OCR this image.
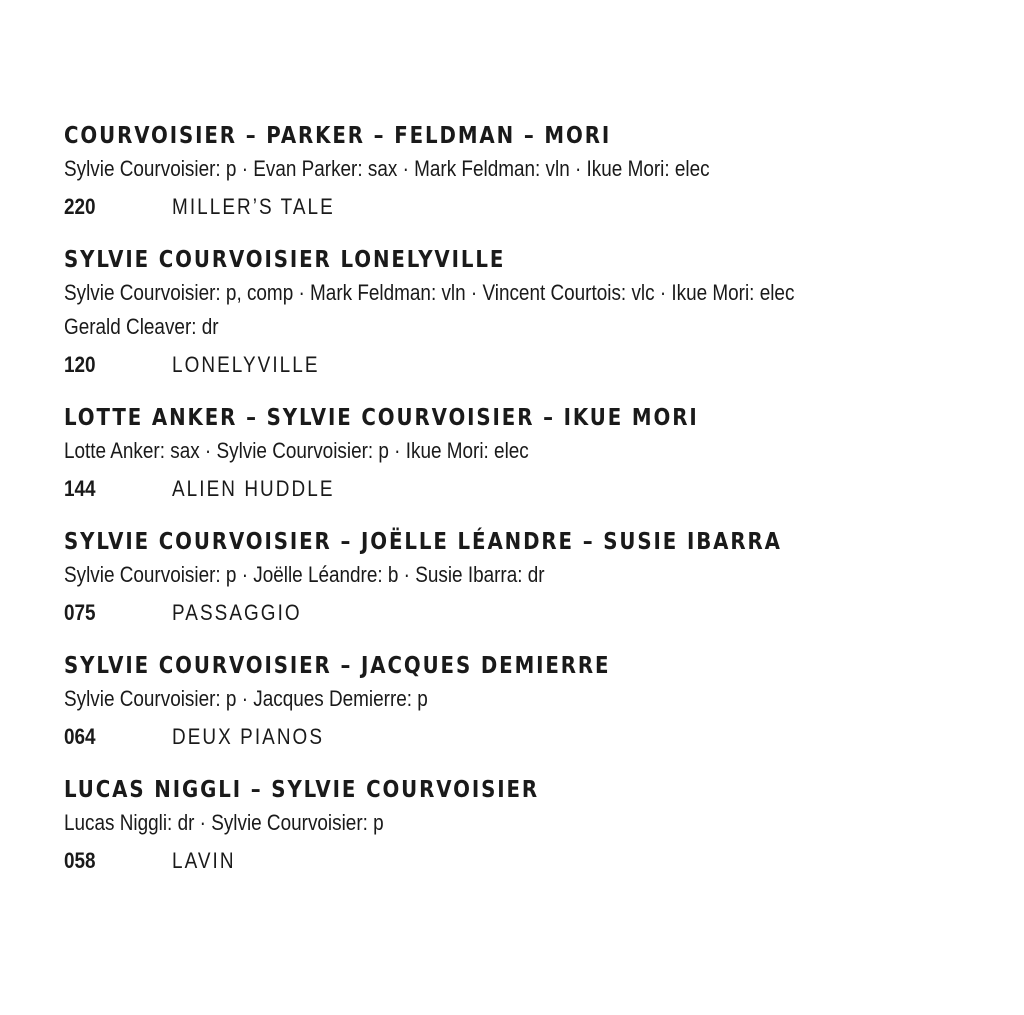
COURVOISIER – PARKER – FELDMAN – MORI

Sylvie Courvoisier: p · Evan Parker: sax · Mark Feldman: vln · Ikue Mori: elec

220	MILLER’S TALE
SYLVIE COURVOISIER LONELYVILLE

Sylvie Courvoisier: p, comp · Mark Feldman: vln · Vincent Courtois: vlc · Ikue Mori: elec

Gerald Cleaver: dr

120	LONELYVILLE
LOTTE ANKER – SYLVIE COURVOISIER – IKUE MORI

Lotte Anker: sax · Sylvie Courvoisier: p · Ikue Mori: elec

144	ALIEN HUDDLE
SYLVIE COURVOISIER – JOËLLE LÉANDRE – SUSIE IBARRA

Sylvie Courvoisier: p · Joëlle Léandre: b · Susie Ibarra: dr

075	PASSAGGIO
SYLVIE COURVOISIER – JACQUES DEMIERRE

Sylvie Courvoisier: p · Jacques Demierre: p

064	DEUX PIANOS
LUCAS NIGGLI – SYLVIE COURVOISIER

Lucas Niggli: dr · Sylvie Courvoisier: p

058	LAVIN
